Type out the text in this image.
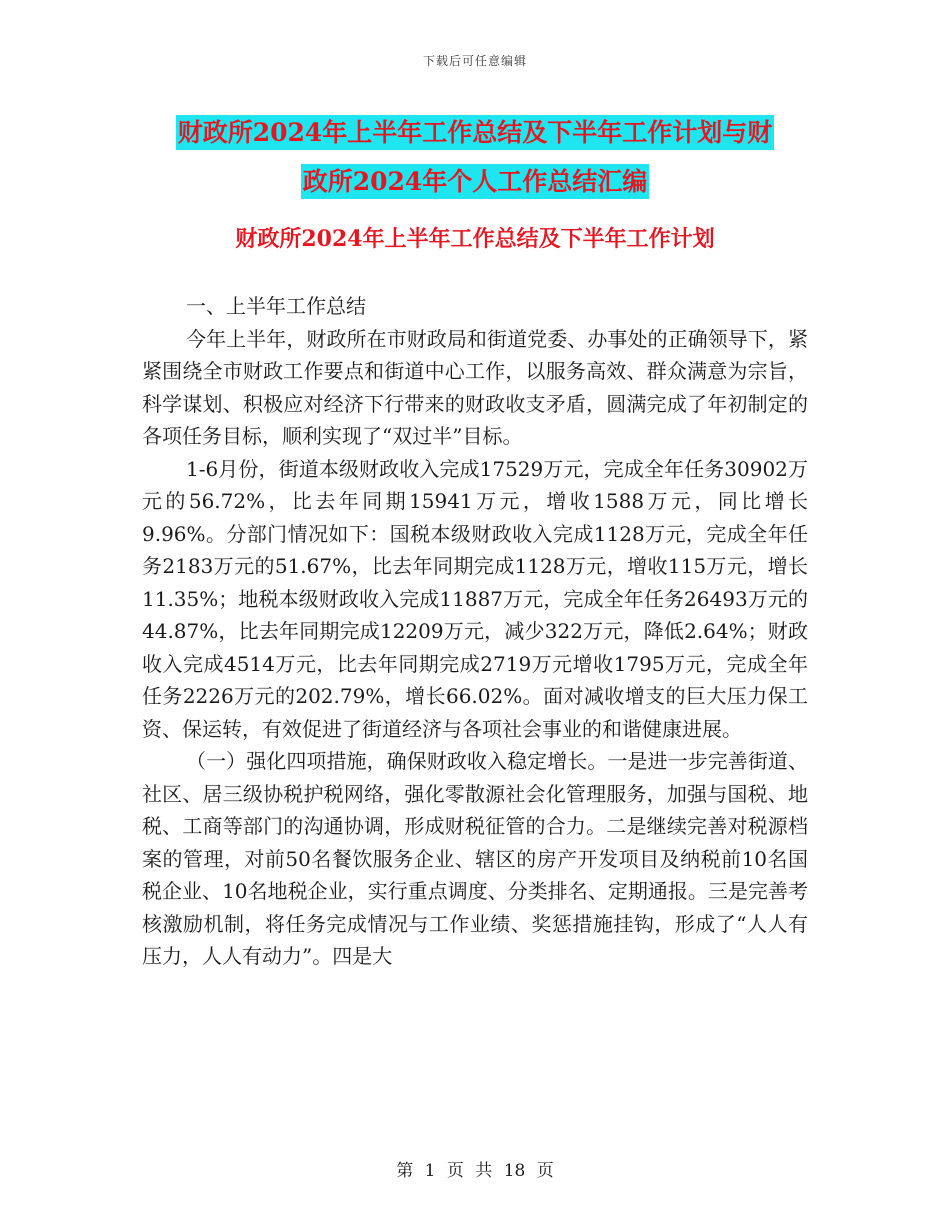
下载后可任意编辑
财政所2024年上半年工作总结及下半年工作计划与财
政所2024年个人工作总结汇编
财政所2024年上半年工作总结及下半年工作计划

一、上半年工作总结

今年上半年，财政所在市财政局和街道党委、办事处的正确领导下，紧紧围绕全市财政工作要点和街道中心工作，以服务高效、群众满意为宗旨，科学谋划、积极应对经济下行带来的财政收支矛盾，圆满完成了年初制定的各项任务目标，顺利实现了“双过半”目标。

1-6月份，街道本级财政收入完成17529万元，完成全年任务30902万元的56.72%，比去年同期15941万元，增收1588万元，同比增长9.96%。分部门情况如下：国税本级财政收入完成1128万元，完成全年任务2183万元的51.67%，比去年同期完成1128万元，增收115万元，增长11.35%；地税本级财政收入完成11887万元，完成全年任务26493万元的44.87%，比去年同期完成12209万元，减少322万元，降低2.64%；财政收入完成4514万元，比去年同期完成2719万元增收1795万元，完成全年任务2226万元的202.79%，增长66.02%。面对减收增支的巨大压力保工资、保运转，有效促进了街道经济与各项社会事业的和谐健康进展。

（一）强化四项措施，确保财政收入稳定增长。一是进一步完善街道、社区、居三级协税护税网络，强化零散源社会化管理服务，加强与国税、地税、工商等部门的沟通协调，形成财税征管的合力。二是继续完善对税源档案的管理，对前50名餐饮服务企业、辖区的房产开发项目及纳税前10名国税企业、10名地税企业，实行重点调度、分类排名、定期通报。三是完善考核激励机制，将任务完成情况与工作业绩、奖惩措施挂钩，形成了“人人有压力，人人有动力”。四是大

第 1 页 共 18 页
